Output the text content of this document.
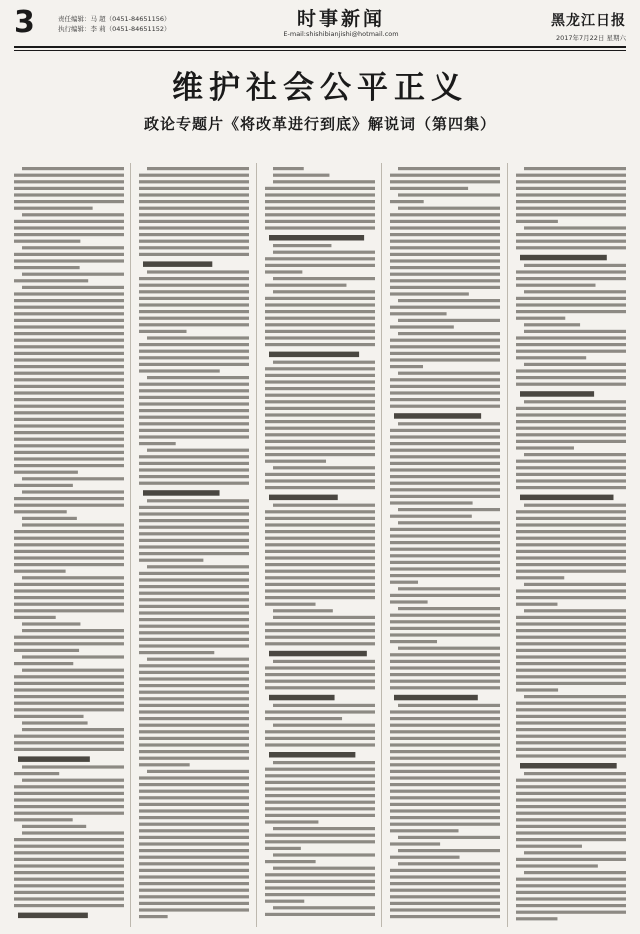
3	责任编辑：马 超（0451-84651156）
执行编辑：李 莉（0451-84651152）	时事新闻
E-mail:shishibianjishi@hotmail.com
黑龙江日报
2017年7月22日 星期六
维护社会公平正义
政论专题片《将改革进行到底》解说词（第四集）
